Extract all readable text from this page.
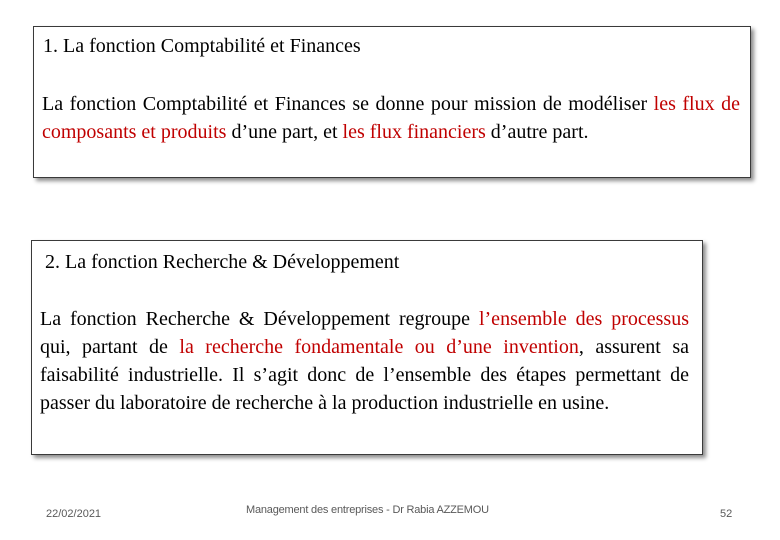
1. La fonction Comptabilité et Finances
La fonction Comptabilité et Finances se donne pour mission de modéliser les flux de composants et produits d’une part, et les flux financiers d’autre part.
2. La fonction Recherche & Développement
La fonction Recherche & Développement regroupe l’ensemble des processus qui, partant de la recherche fondamentale ou d’une invention, assurent sa faisabilité industrielle. Il s’agit donc de l’ensemble des étapes permettant de passer du laboratoire de recherche à la production industrielle en usine.
22/02/2021	Management des entreprises - Dr Rabia AZZEMOU	52
